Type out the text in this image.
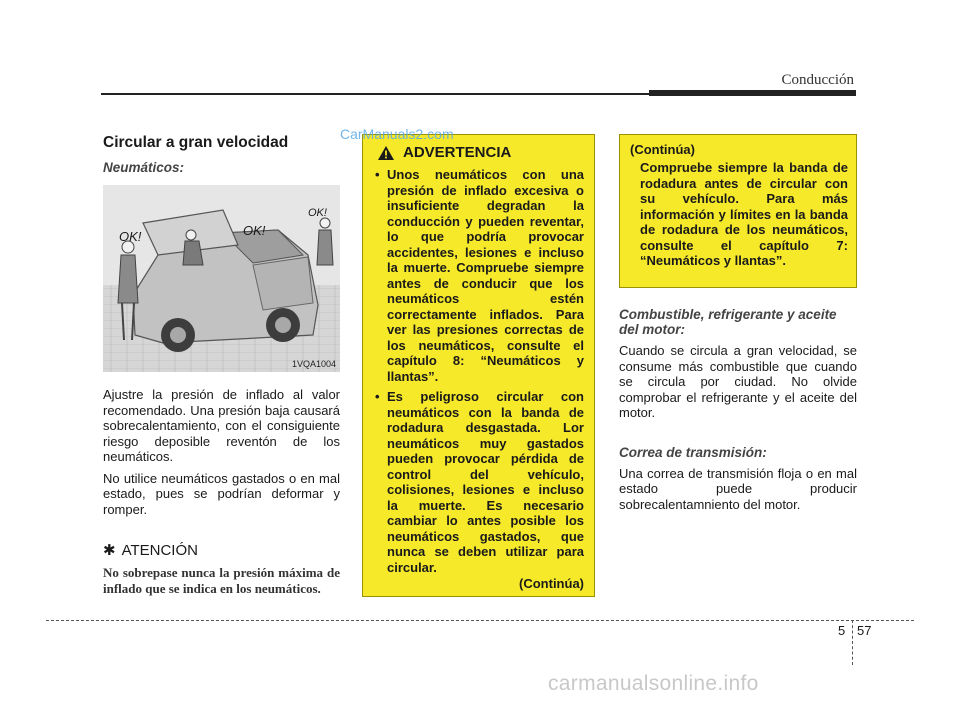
Conducción
Circular a gran velocidad
Neumáticos:
OK!	OK!
OK!
1VQA1004

Ajustre la presión de inflado al valor recomendado. Una presión baja causará sobrecalentamiento, con el consiguiente riesgo deposible reventón de los neumáticos.

No utilice neumáticos gastados o en mal estado, pues se podrían deformar y romper.

✱ ATENCIÓN
No sobrepase nunca la presión máxima de inflado que se indica en los neumáticos.
ADVERTENCIA
• Unos neumáticos con una presión de inflado excesiva o insuficiente degradan la conducción y pueden reventar, lo que podría provocar accidentes, lesiones e incluso la muerte. Compruebe siempre antes de conducir que los neumáticos estén correctamente inflados. Para ver las presiones correctas de los neumáticos, consulte el capítulo 8: “Neumáticos y llantas”.
• Es peligroso circular con neumáticos con la banda de rodadura desgastada. Lor neumáticos muy gastados pueden provocar pérdida de control del vehículo, colisiones, lesiones e incluso la muerte. Es necesario cambiar lo antes posible los neumáticos gastados, que nunca se deben utilizar para circular.
(Continúa)
(Continúa)
Compruebe siempre la banda de rodadura antes de circular con su vehículo. Para más información y límites en la banda de rodadura de los neumáticos, consulte el capítulo 7: “Neumáticos y llantas”.
Combustible, refrigerante y aceite del motor:

Cuando se circula a gran velocidad, se consume más combustible que cuando se circula por ciudad. No olvide comprobar el refrigerante y el aceite del motor.

Correa de transmisión:

Una correa de transmisión floja o en mal estado puede producir sobrecalentamniento del motor.

5 57
CarManuals2.com
carmanualsonline.info
